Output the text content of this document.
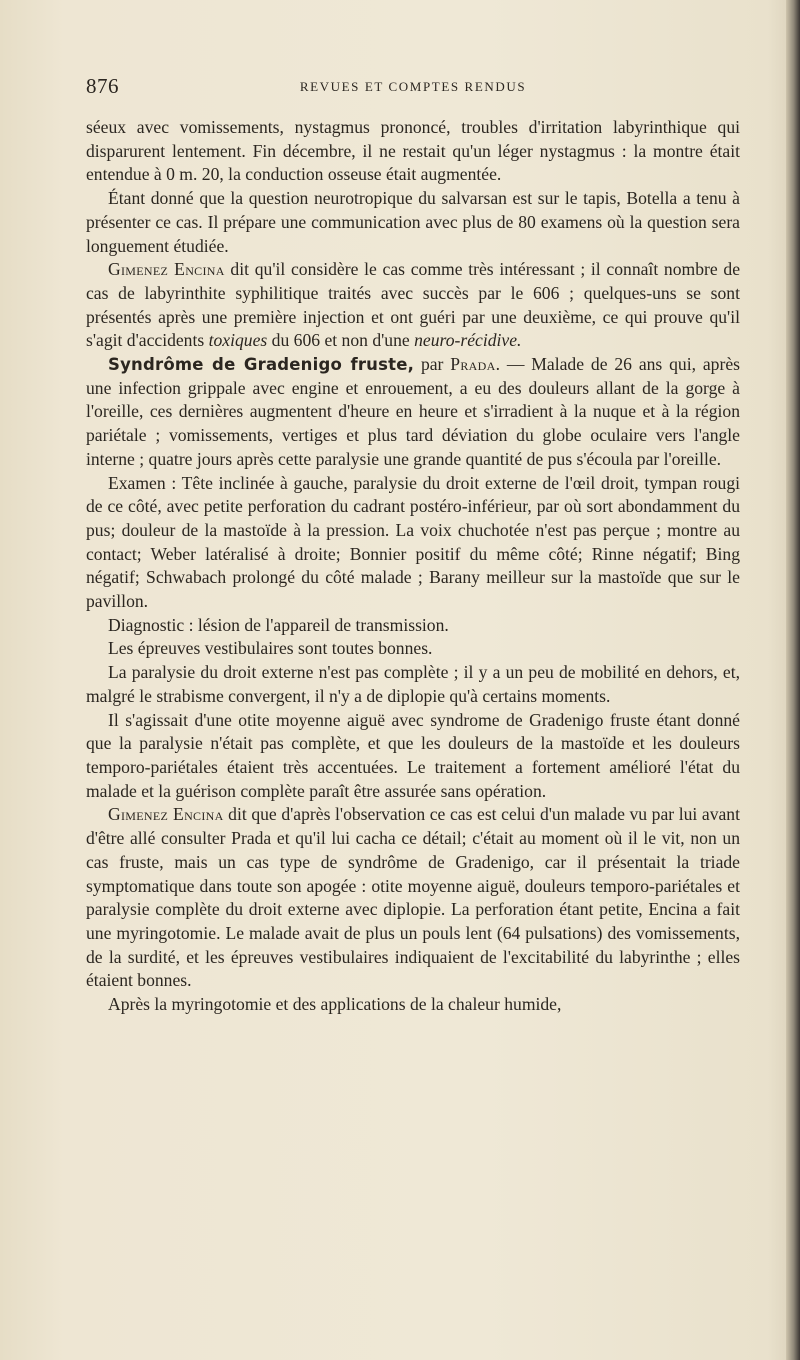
876	REVUES ET COMPTES RENDUS

séeux avec vomissements, nystagmus prononcé, troubles d'irritation labyrinthique qui disparurent lentement. Fin décembre, il ne restait qu'un léger nystagmus : la montre était entendue à 0 m. 20, la conduction osseuse était augmentée.

Étant donné que la question neurotropique du salvarsan est sur le tapis, Botella a tenu à présenter ce cas. Il prépare une communication avec plus de 80 examens où la question sera longuement étudiée.

Gimenez Encina dit qu'il considère le cas comme très intéressant ; il connaît nombre de cas de labyrinthite syphilitique traités avec succès par le 606 ; quelques-uns se sont présentés après une première injection et ont guéri par une deuxième, ce qui prouve qu'il s'agit d'accidents toxiques du 606 et non d'une neuro-récidive.

Syndrôme de Gradenigo fruste, par Prada. — Malade de 26 ans qui, après une infection grippale avec engine et enrouement, a eu des douleurs allant de la gorge à l'oreille, ces dernières augmentent d'heure en heure et s'irradient à la nuque et à la région pariétale ; vomissements, vertiges et plus tard déviation du globe oculaire vers l'angle interne ; quatre jours après cette paralysie une grande quantité de pus s'écoula par l'oreille.

Examen : Tête inclinée à gauche, paralysie du droit externe de l'œil droit, tympan rougi de ce côté, avec petite perforation du cadrant postéro-inférieur, par où sort abondamment du pus; douleur de la mastoïde à la pression. La voix chuchotée n'est pas perçue ; montre au contact; Weber latéralisé à droite; Bonnier positif du même côté; Rinne négatif; Bing négatif; Schwabach prolongé du côté malade ; Barany meilleur sur la mastoïde que sur le pavillon.

Diagnostic : lésion de l'appareil de transmission.

Les épreuves vestibulaires sont toutes bonnes.

La paralysie du droit externe n'est pas complète ; il y a un peu de mobilité en dehors, et, malgré le strabisme convergent, il n'y a de diplopie qu'à certains moments.

Il s'agissait d'une otite moyenne aiguë avec syndrome de Gradenigo fruste étant donné que la paralysie n'était pas complète, et que les douleurs de la mastoïde et les douleurs temporo-pariétales étaient très accentuées. Le traitement a fortement amélioré l'état du malade et la guérison complète paraît être assurée sans opération.

Gimenez Encina dit que d'après l'observation ce cas est celui d'un malade vu par lui avant d'être allé consulter Prada et qu'il lui cacha ce détail; c'était au moment où il le vit, non un cas fruste, mais un cas type de syndrôme de Gradenigo, car il présentait la triade symptomatique dans toute son apogée : otite moyenne aiguë, douleurs temporo-pariétales et paralysie complète du droit externe avec diplopie. La perforation étant petite, Encina a fait une myringotomie. Le malade avait de plus un pouls lent (64 pulsations) des vomissements, de la surdité, et les épreuves vestibulaires indiquaient de l'excitabilité du labyrinthe ; elles étaient bonnes.

Après la myringotomie et des applications de la chaleur humide,
